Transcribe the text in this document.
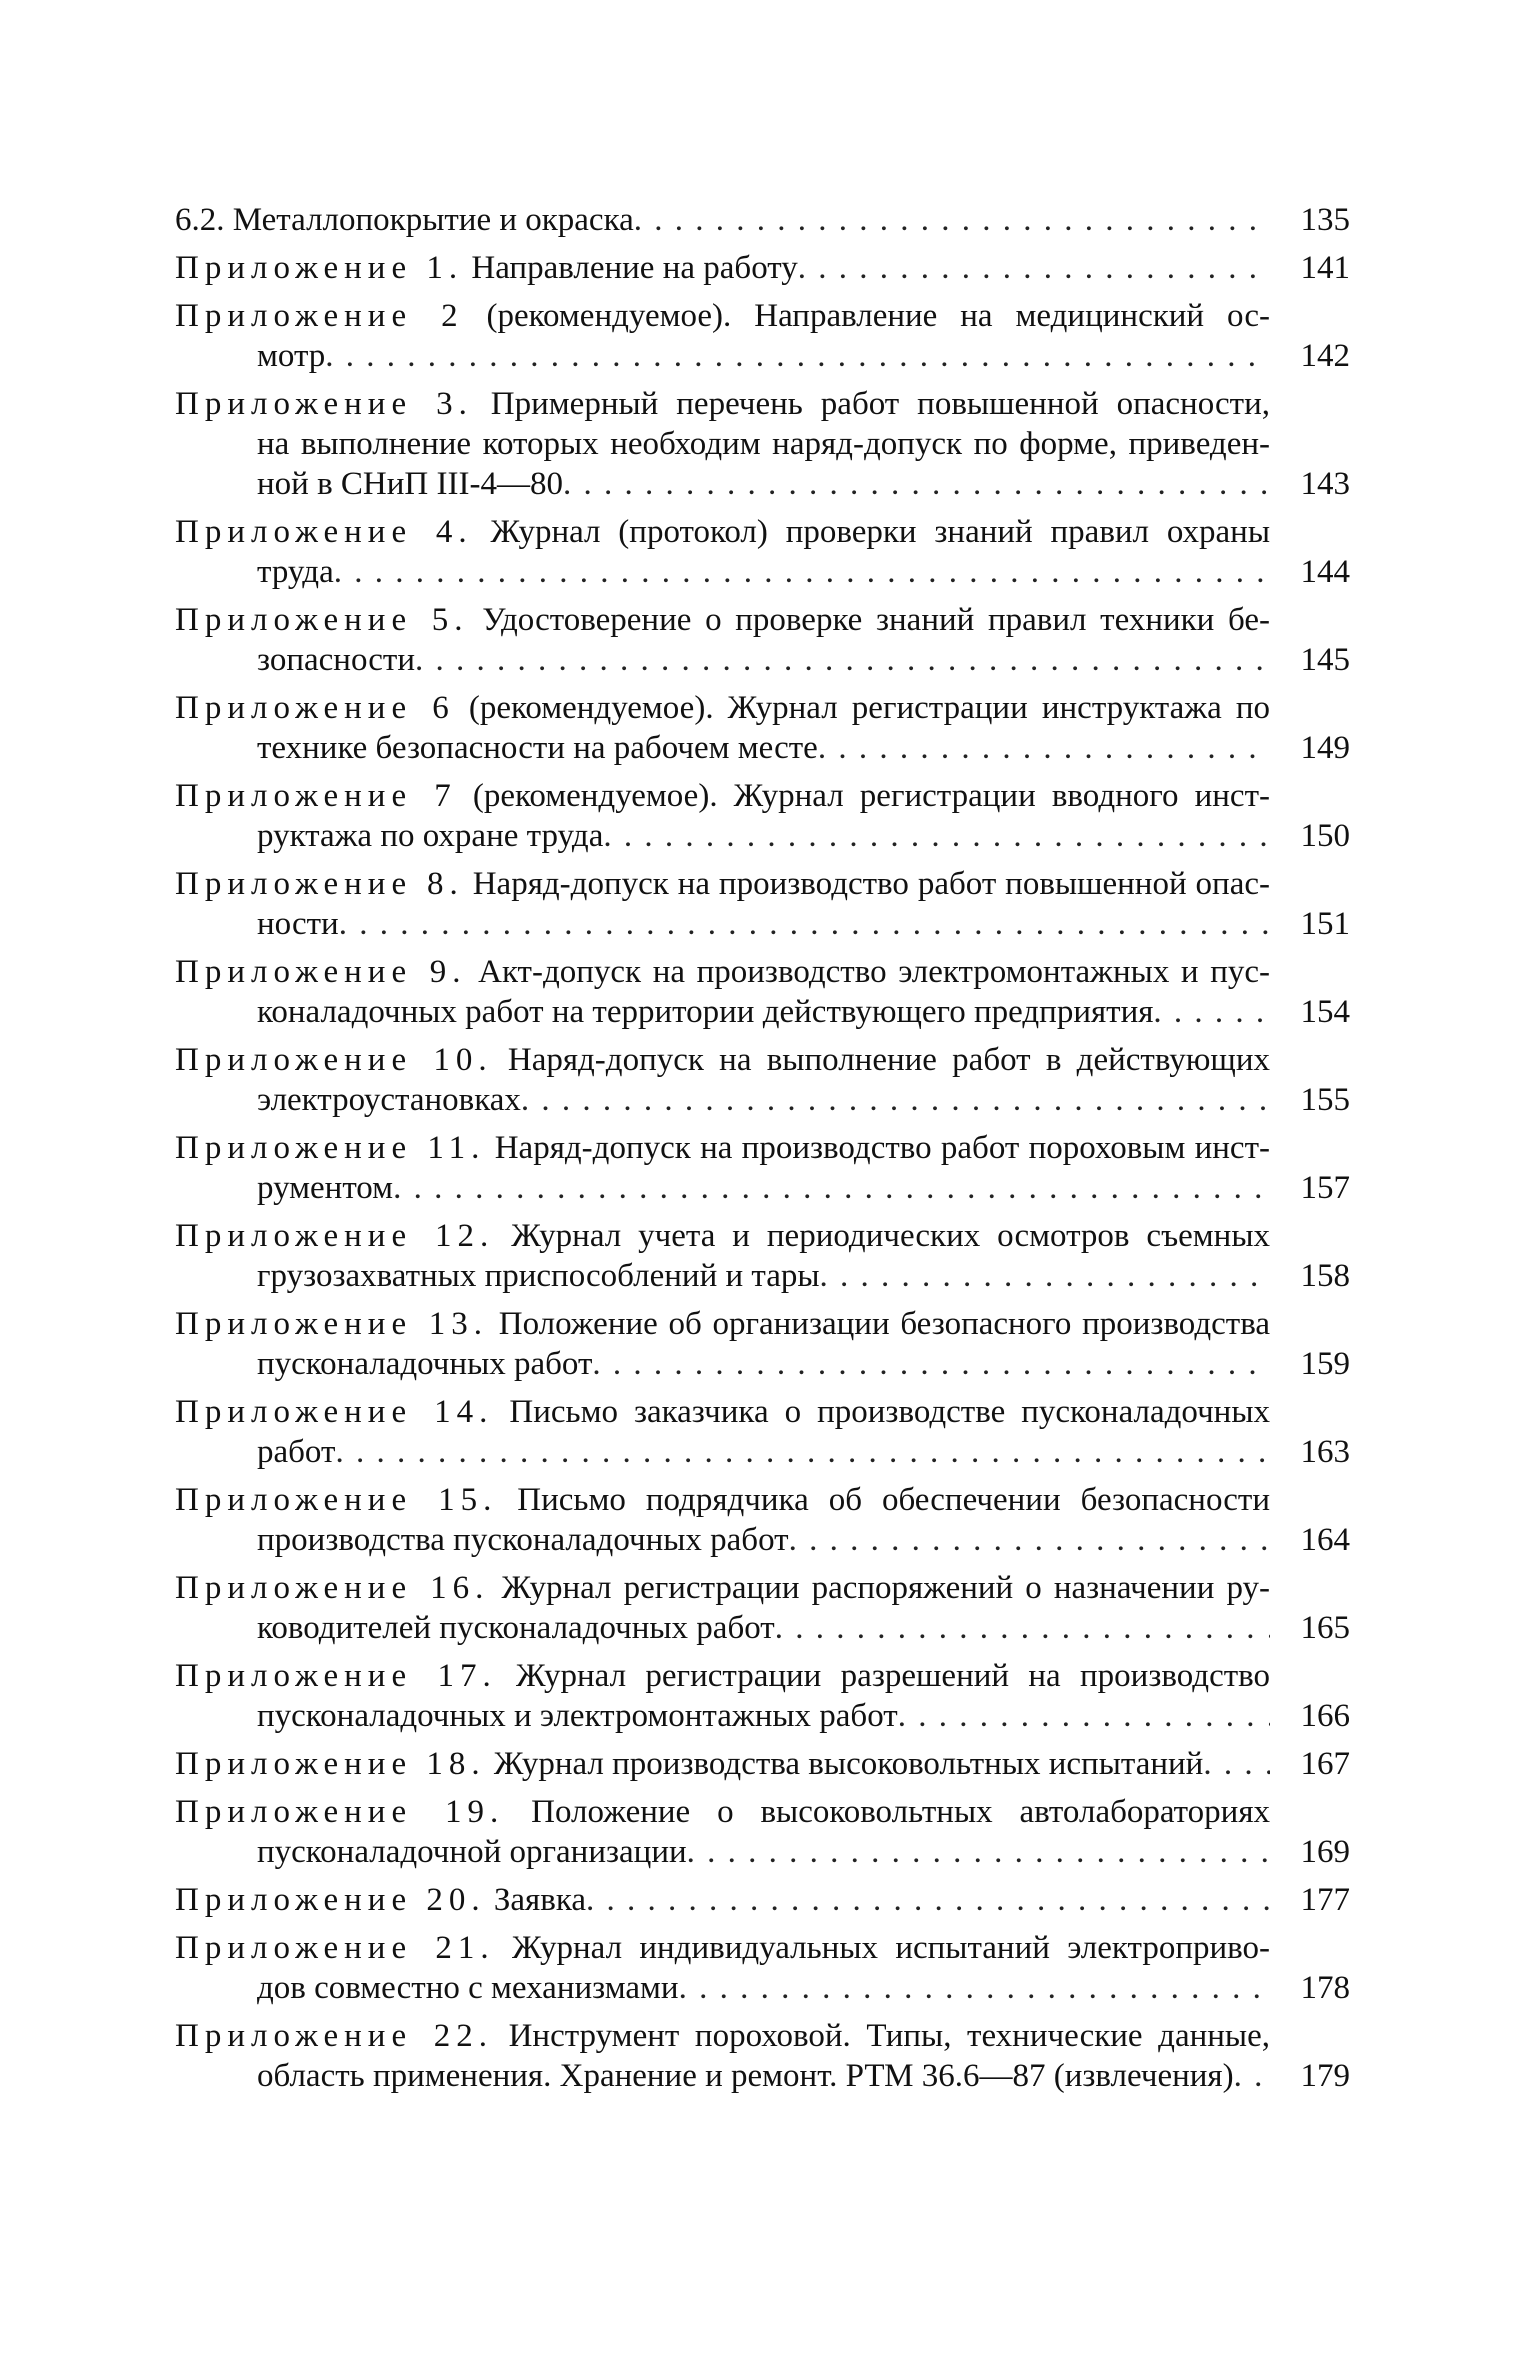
6.2. Металлопокрытие и окраска . . .	135
Приложение 1. Направление на работу . . .	141
Приложение 2 (рекомендуемое). Направление на медицинский ос-
мотр . . .	142
Приложение 3. Примерный перечень работ повышенной опасности,
на выполнение которых необходим наряд-допуск по форме, приведен-
ной в СНиП III-4—80 . . .	143
Приложение 4. Журнал (протокол) проверки знаний правил охраны
труда . . .	144
Приложение 5. Удостоверение о проверке знаний правил техники бе-
зопасности . . .	145
Приложение 6 (рекомендуемое). Журнал регистрации инструктажа по
технике безопасности на рабочем месте . . .	149
Приложение 7 (рекомендуемое). Журнал регистрации вводного инст-
руктажа по охране труда . . .	150
Приложение 8. Наряд-допуск на производство работ повышенной опас-
ности . . .	151
Приложение 9. Акт-допуск на производство электромонтажных и пус-
коналадочных работ на территории действующего предприятия . . .	154
Приложение 10. Наряд-допуск на выполнение работ в действующих
электроустановках . . .	155
Приложение 11. Наряд-допуск на производство работ пороховым инст-
рументом . . .	157
Приложение 12. Журнал учета и периодических осмотров съемных
грузозахватных приспособлений и тары . . .	158
Приложение 13. Положение об организации безопасного производства
пусконаладочных работ . . .	159
Приложение 14. Письмо заказчика о производстве пусконаладочных
работ . . .	163
Приложение 15. Письмо подрядчика об обеспечении безопасности
производства пусконаладочных работ . . .	164
Приложение 16. Журнал регистрации распоряжений о назначении ру-
ководителей пусконаладочных работ . . .	165
Приложение 17. Журнал регистрации разрешений на производство
пусконаладочных и электромонтажных работ . . .	166
Приложение 18. Журнал производства высоковольтных испытаний . . .	167
Приложение 19. Положение о высоковольтных автолабораториях
пусконаладочной организации . . .	169
Приложение 20. Заявка . . .	177
Приложение 21. Журнал индивидуальных испытаний электроприво-
дов совместно с механизмами . . .	178
Приложение 22. Инструмент пороховой. Типы, технические данные,
область применения. Хранение и ремонт. РТМ 36.6—87 (извлечения) . . .	179
